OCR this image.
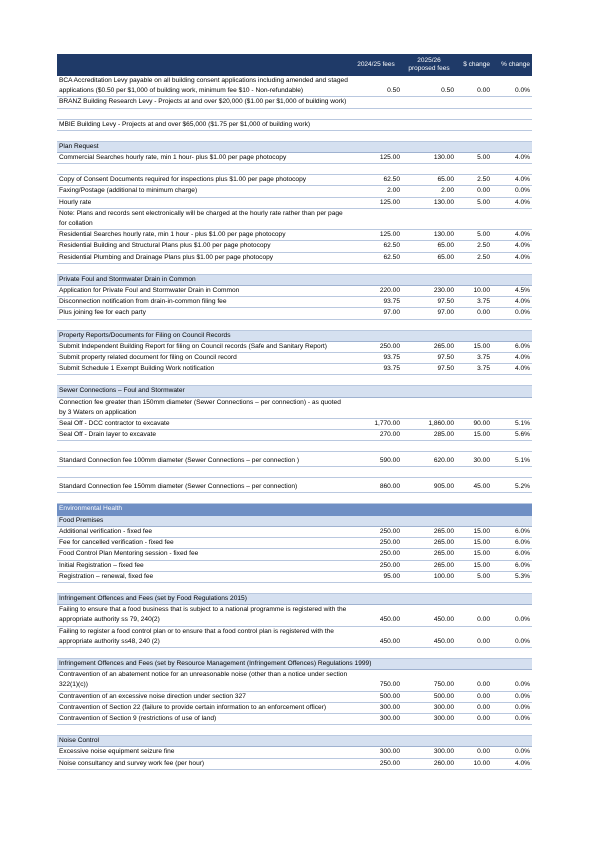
	2024/25 fees	2025/26 proposed fees	$ change	% change
BCA Accreditation Levy payable on all building consent applications including amended and staged applications ($0.50 per $1,000 of building work, minimum fee $10 - Non-refundable)	0.50	0.50	0.00	0.0%
BRANZ Building Research Levy - Projects at and over $20,000 ($1.00 per $1,000 of building work)				

MBIE Building Levy - Projects at and over $65,000 ($1.75 per $1,000 of building work)				

Plan Request				
Commercial Searches hourly rate, min 1 hour- plus $1.00 per page photocopy	125.00	130.00	5.00	4.0%

Copy of Consent Documents required for inspections plus $1.00 per page photocopy	62.50	65.00	2.50	4.0%
Faxing/Postage (additional to minimum charge)	2.00	2.00	0.00	0.0%
Hourly rate	125.00	130.00	5.00	4.0%
Note: Plans and records sent electronically will be charged at the hourly rate rather than per page for collation				
Residential Searches hourly rate, min 1 hour - plus $1.00 per page photocopy	125.00	130.00	5.00	4.0%
Residential Building and Structural Plans plus $1.00 per page photocopy	62.50	65.00	2.50	4.0%
Residential Plumbing and Drainage Plans plus $1.00 per page photocopy	62.50	65.00	2.50	4.0%

Private Foul and Stormwater Drain in Common				
Application for Private Foul and Stormwater Drain in Common	220.00	230.00	10.00	4.5%
Disconnection notification from drain-in-common filing fee	93.75	97.50	3.75	4.0%
Plus joining fee for each party	97.00	97.00	0.00	0.0%

Property Reports/Documents for Filing on Council Records				
Submit Independent Building Report for filing on Council records (Safe and Sanitary Report)	250.00	265.00	15.00	6.0%
Submit property related document for filing on Council record	93.75	97.50	3.75	4.0%
Submit Schedule 1 Exempt Building Work notification	93.75	97.50	3.75	4.0%

Sewer Connections – Foul and Stormwater				
Connection fee greater than 150mm diameter (Sewer Connections – per connection) - as quoted by 3 Waters on application				
Seal Off - DCC contractor to excavate	1,770.00	1,860.00	90.00	5.1%
Seal Off - Drain layer to excavate	270.00	285.00	15.00	5.6%

Standard Connection fee 100mm diameter (Sewer Connections – per connection )	590.00	620.00	30.00	5.1%

Standard Connection fee 150mm diameter (Sewer Connections – per connection)	860.00	905.00	45.00	5.2%

Environmental Health				
Food Premises				
Additional verification - fixed fee	250.00	265.00	15.00	6.0%
Fee for cancelled verification - fixed fee	250.00	265.00	15.00	6.0%
Food Control Plan Mentoring session - fixed fee	250.00	265.00	15.00	6.0%
Initial Registration – fixed fee	250.00	265.00	15.00	6.0%
Registration – renewal, fixed fee	95.00	100.00	5.00	5.3%

Infringement Offences and Fees (set by Food Regulations 2015)				
Failing to ensure that a food business that is subject to a national programme is registered with the appropriate authority ss 79, 240(2)	450.00	450.00	0.00	0.0%
Failing to register a food control plan or to ensure that a food control plan is registered with the appropriate authority ss48, 240 (2)	450.00	450.00	0.00	0.0%

Infringement Offences and Fees (set by Resource Management (Infringement Offences) Regulations 1999)				
Contravention of an abatement notice for an unreasonable noise (other than a notice under section 322(1)(c))	750.00	750.00	0.00	0.0%
Contravention of an excessive noise direction under section 327	500.00	500.00	0.00	0.0%
Contravention of Section 22 (failure to provide certain information to an enforcement officer)	300.00	300.00	0.00	0.0%
Contravention of Section 9 (restrictions of use of land)	300.00	300.00	0.00	0.0%

Noise Control				
Excessive noise equipment seizure fine	300.00	300.00	0.00	0.0%
Noise consultancy and survey work fee (per hour)	250.00	260.00	10.00	4.0%
